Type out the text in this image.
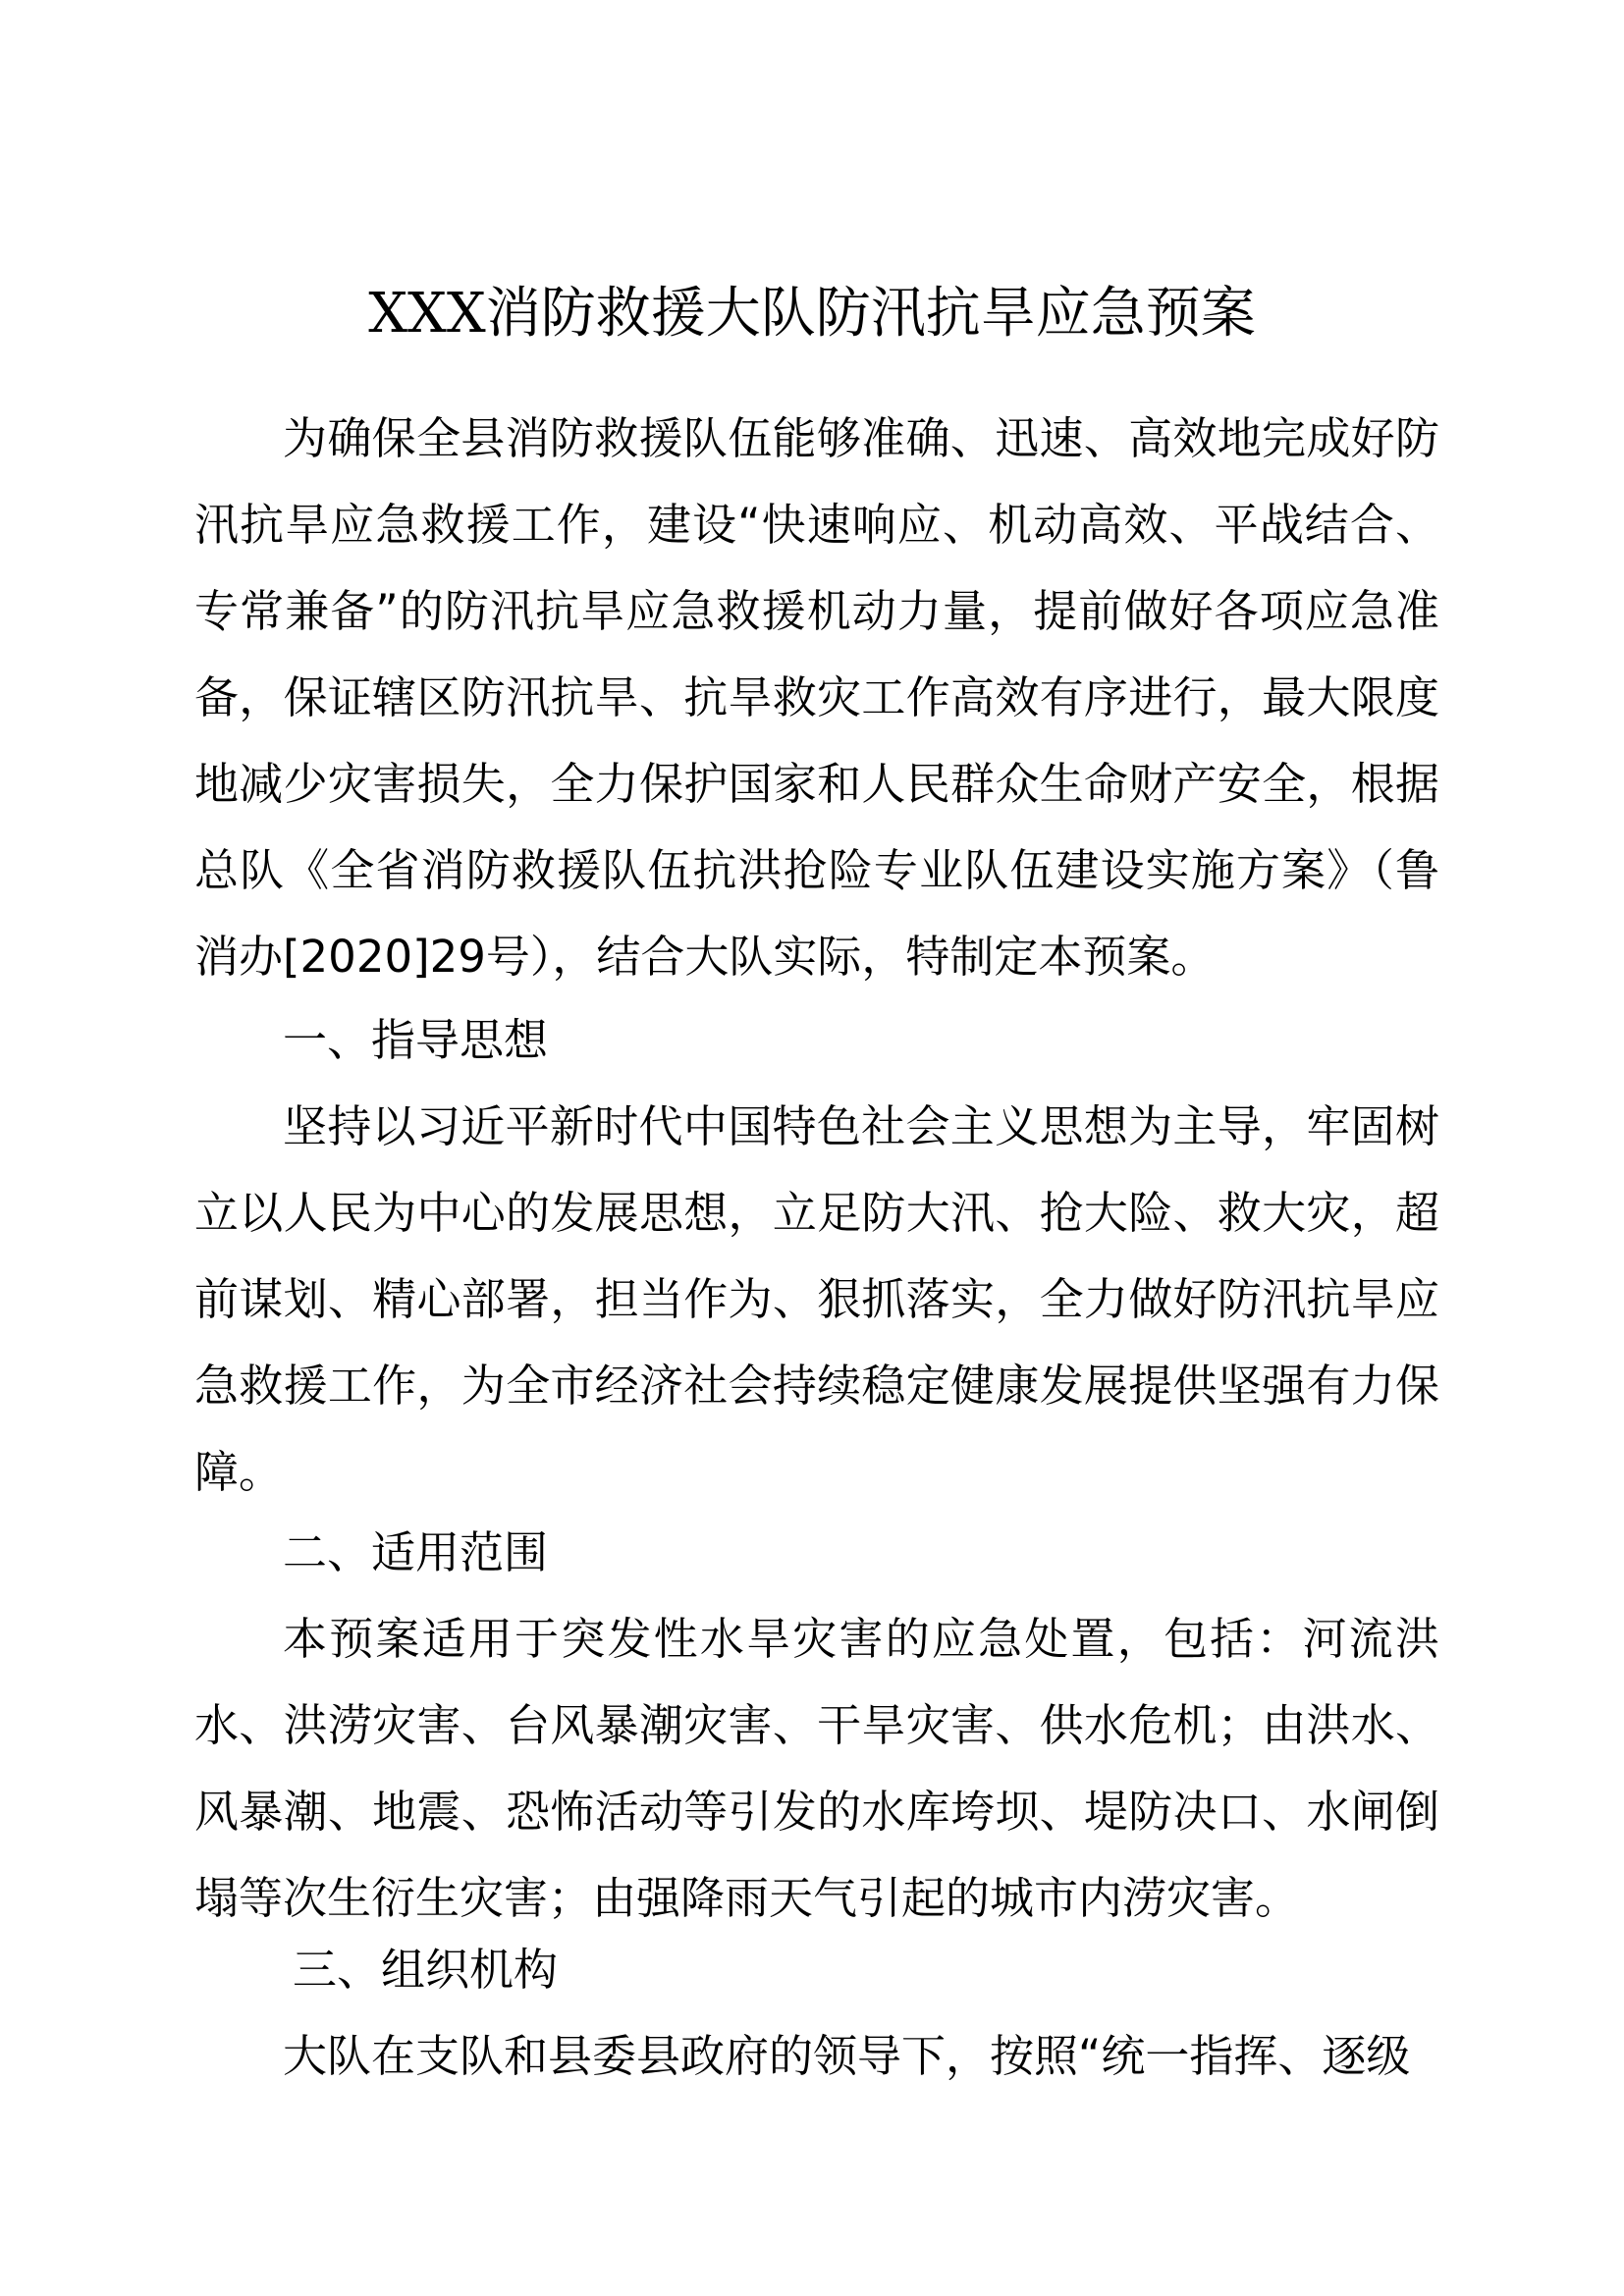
XXX消防救援大队防汛抗旱应急预案
为确保全县消防救援队伍能够准确、迅速、高效地完成好防汛抗旱应急救援工作，建设“快速响应、机动高效、平战结合、专常兼备”的防汛抗旱应急救援机动力量，提前做好各项应急准备，保证辖区防汛抗旱、抗旱救灾工作高效有序进行，最大限度地减少灾害损失，全力保护国家和人民群众生命财产安全，根据总队《全省消防救援队伍抗洪抢险专业队伍建设实施方案》（鲁消办[2020]29号），结合大队实际，特制定本预案。
一、指导思想
坚持以习近平新时代中国特色社会主义思想为主导，牢固树立以人民为中心的发展思想，立足防大汛、抢大险、救大灾，超前谋划、精心部署，担当作为、狠抓落实，全力做好防汛抗旱应急救援工作，为全市经济社会持续稳定健康发展提供坚强有力保障。
二、适用范围
本预案适用于突发性水旱灾害的应急处置，包括：河流洪水、洪涝灾害、台风暴潮灾害、干旱灾害、供水危机；由洪水、风暴潮、地震、恐怖活动等引发的水库垮坝、堤防决口、水闸倒塌等次生衍生灾害；由强降雨天气引起的城市内涝灾害。
三、组织机构
大队在支队和县委县政府的领导下，按照“统一指挥、逐级
